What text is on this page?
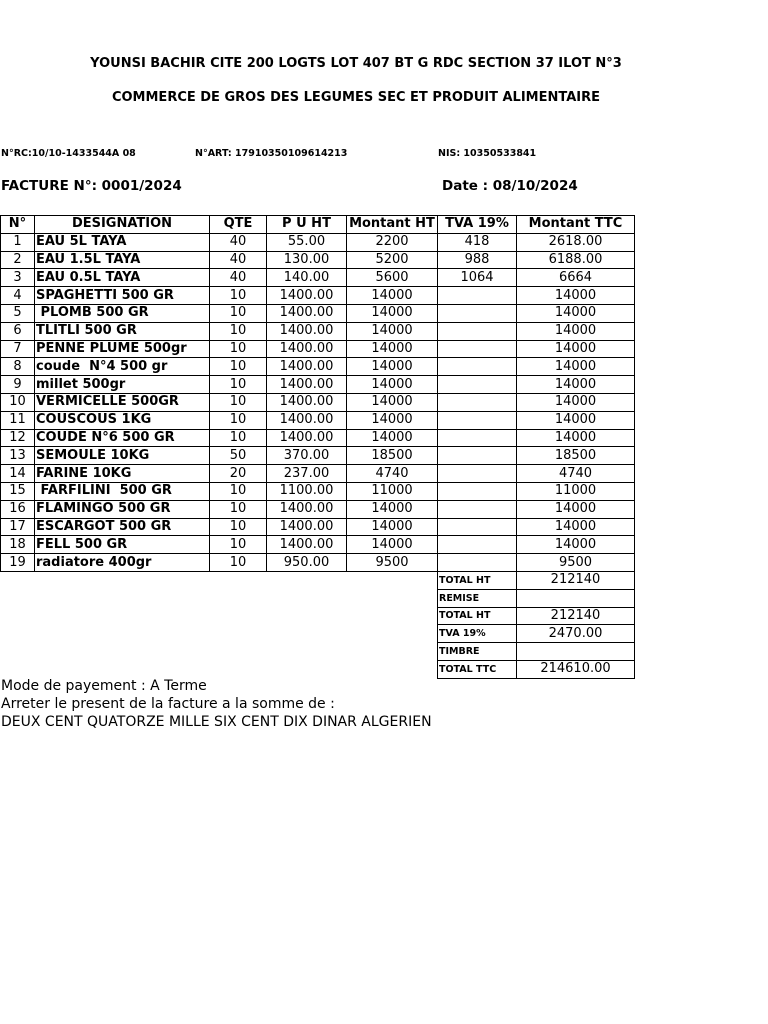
YOUNSI BACHIR CITE 200 LOGTS LOT 407 BT G RDC SECTION 37 ILOT N°3
COMMERCE DE GROS DES LEGUMES SEC ET PRODUIT ALIMENTAIRE
N°RC:10/10-1433544A 08	N°ART: 17910350109614213	NIS: 10350533841
FACTURE N°: 0001/2024	Date : 08/10/2024
N°	DESIGNATION	QTE	P U HT	Montant HT	TVA 19%	Montant TTC
1	EAU 5L TAYA	40	55.00	2200	418	2618.00
2	EAU 1.5L TAYA	40	130.00	5200	988	6188.00
3	EAU 0.5L TAYA	40	140.00	5600	1064	6664
4	SPAGHETTI 500 GR	10	1400.00	14000		14000
5	PLOMB 500 GR	10	1400.00	14000		14000
6	TLITLI 500 GR	10	1400.00	14000		14000
7	PENNE PLUME 500gr	10	1400.00	14000		14000
8	coude  N°4 500 gr	10	1400.00	14000		14000
9	millet 500gr	10	1400.00	14000		14000
10	VERMICELLE 500GR	10	1400.00	14000		14000
11	COUSCOUS 1KG	10	1400.00	14000		14000
12	COUDE N°6 500 GR	10	1400.00	14000		14000
13	SEMOULE 10KG	50	370.00	18500		18500
14	FARINE 10KG	20	237.00	4740		4740
15	FARFILINI  500 GR	10	1100.00	11000		11000
16	FLAMINGO 500 GR	10	1400.00	14000		14000
17	ESCARGOT 500 GR	10	1400.00	14000		14000
18	FELL 500 GR	10	1400.00	14000		14000
19	radiatore 400gr	10	950.00	9500		9500
TOTAL HT	212140
REMISE	
TOTAL HT	212140
TVA 19%	2470.00
TIMBRE	
TOTAL TTC	214610.00
Mode de payement : A Terme
Arreter le present de la facture a la somme de :
DEUX CENT QUATORZE MILLE SIX CENT DIX DINAR ALGERIEN
